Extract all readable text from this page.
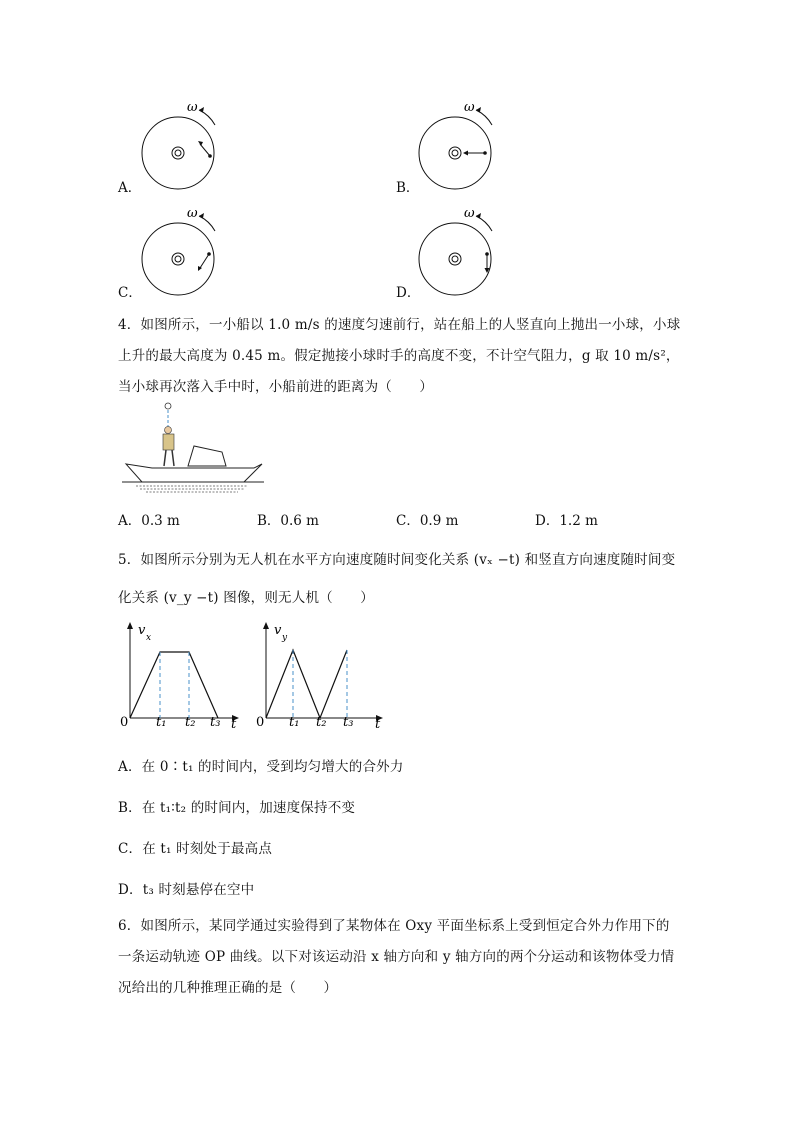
A．
ω
B．
ω
C．
ω
D．
ω
4．如图所示，一小船以 1.0 m/s 的速度匀速前行，站在船上的人竖直向上抛出一小球，小球
上升的最大高度为 0.45 m。假定抛接小球时手的高度不变，不计空气阻力，g 取 10 m/s²，
当小球再次落入手中时，小船前进的距离为（　　）
A．0.3 m	B．0.6 m	C．0.9 m	D．1.2 m
5．如图所示分别为无人机在水平方向速度随时间变化关系 (vₓ −t) 和竖直方向速度随时间变
化关系 (v_y −t) 图像，则无人机（　　）
v x
0 t₁ t₂ t₃ t
v y
0 t₁ t₂ t₃ t
A．在 0∶t₁ 的时间内，受到均匀增大的合外力
B．在 t₁∶t₂ 的时间内，加速度保持不变
C．在 t₁ 时刻处于最高点
D．t₃ 时刻悬停在空中
6．如图所示，某同学通过实验得到了某物体在 Oxy 平面坐标系上受到恒定合外力作用下的
一条运动轨迹 OP 曲线。以下对该运动沿 x 轴方向和 y 轴方向的两个分运动和该物体受力情
况给出的几种推理正确的是（　　）
